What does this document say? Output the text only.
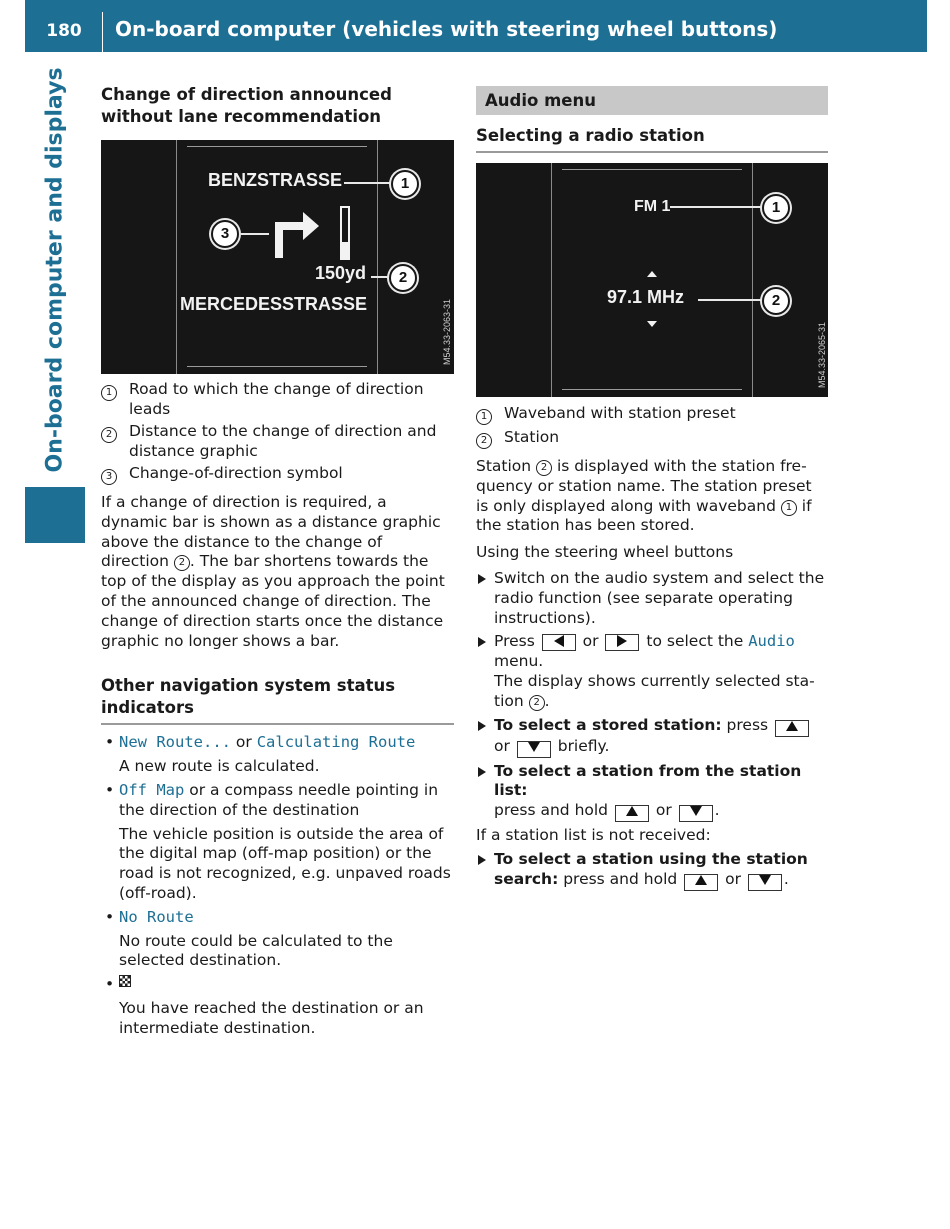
180	On-board computer (vehicles with steering wheel buttons)
On-board computer and displays Change of direction announced without lane recommendation
BENZSTRASSE	1
3
150yd	2
MERCEDESSTRASSE	M54.33-2063-31
1	Road to which the change of direction leads
2	Distance to the change of direction and distance graphic
3	Change-of-direction symbol

If a change of direction is required, a dynamic bar is shown as a distance graphic above the distance to the change of direction 2 . The bar shortens towards the top of the display as you approach the point of the announced change of direction. The change of direction starts once the distance graphic no longer shows a bar.

Other navigation system status indicators
• New Route... or Calculating Route
A new route is calculated.
• Off Map or a compass needle pointing in the direction of the destination
The vehicle position is outside the area of the digital map (off-map position) or the road is not recognized, e.g. unpaved roads (off-road).
• No Route
No route could be calculated to the selected destination.
• You have reached the destination or an intermediate destination.
Audio menu
Selecting a radio station
FM 1	1
97.1 MHz	2
M54.33-2065-31
1	Waveband with station preset
2	Station

Station 2 is displayed with the station frequency or station name. The station preset is only displayed along with waveband 1 if the station has been stored.

Using the steering wheel buttons

Switch on the audio system and select the radio function (see separate operating instructions).
Press  or  to select the Audio menu.
The display shows currently selected station 2 .
To select a stored station: press
or  briefly.
To select a station from the station list:
press and hold  or .

If a station list is not received:

To select a station using the station search: press and hold  or .
